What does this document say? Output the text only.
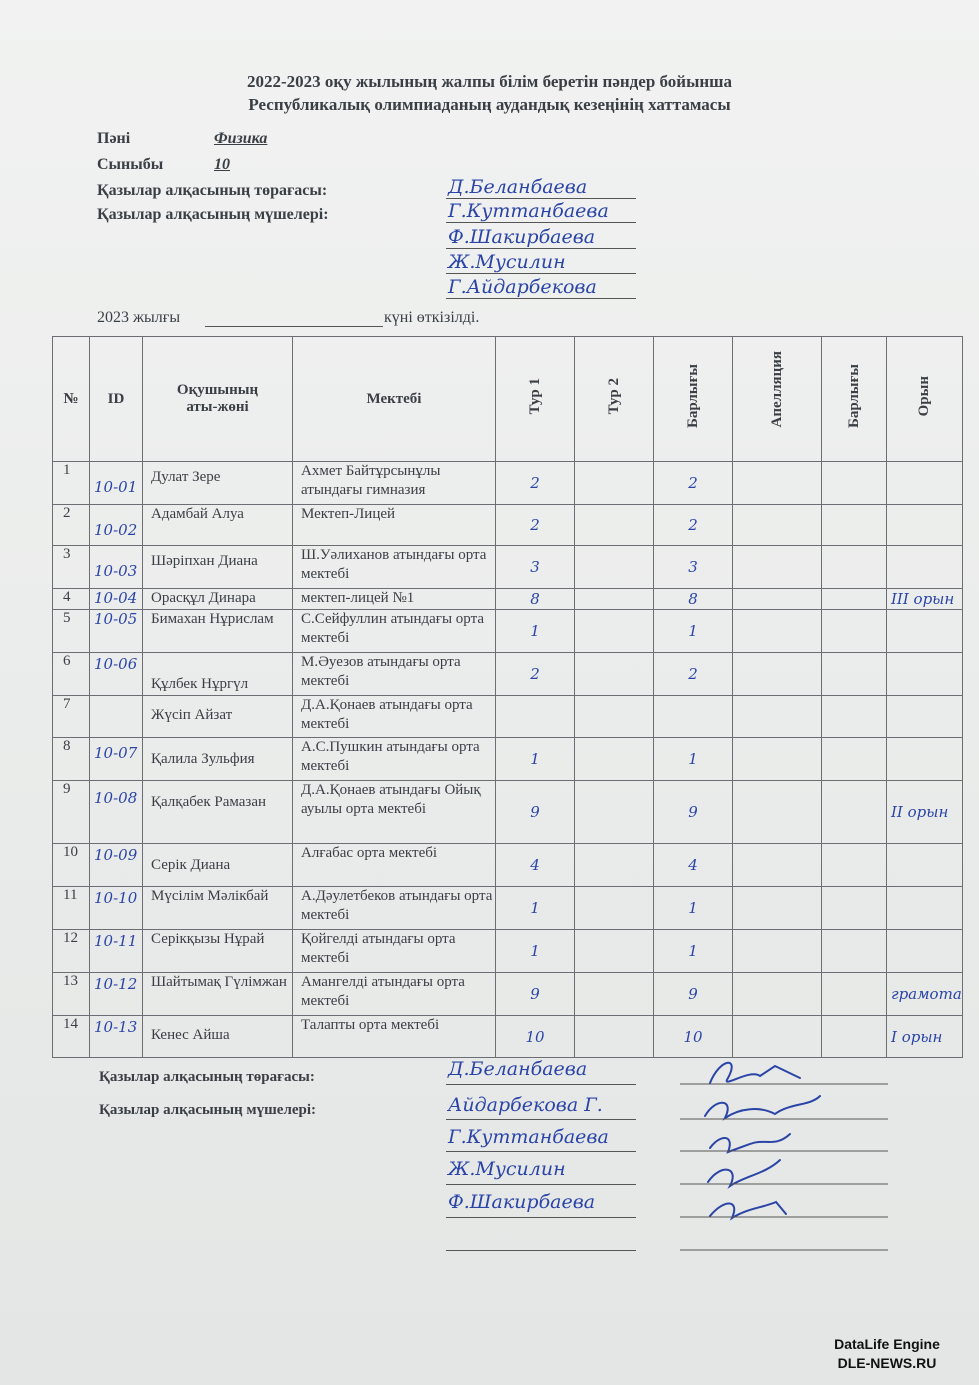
2022-2023 оқу жылының жалпы білім беретін пәндер бойынша
Республикалық олимпиаданың аудандық кезеңінің хаттамасы
Пәні	Физика
Сыныбы	10
Қазылар алқасының төрағасы:
Қазылар алқасының мүшелері:
Д.Беланбаева
Г.Куттанбаева
Ф.Шакирбаева
Ж.Мусилин
Г.Айдарбекова
2023 жылғы	күні өткізілді.
№	ID	Оқушының аты-жөні	Мектебі	Тур 1	Тур 2	Барлығы	Апелляция	Барлығы	Орын
1	10-01	Дулат Зере	Ахмет Байтұрсынұлы атындағы гимназия	2		2			
2	10-02	Адамбай Алуа	Мектеп-Лицей	2		2			
3	10-03	Шәріпхан Диана	Ш.Уәлиханов атындағы орта мектебі	3		3			
4	10-04	Орасқұл Динара	мектеп-лицей №1	8		8			III орын
5	10-05	Бимахан Нұрислам	С.Сейфуллин атындағы орта мектебі	1		1			
6	10-06	Құлбек Нұргүл	М.Әуезов атындағы орта мектебі	2		2			
7		Жүсіп Айзат	Д.А.Қонаев атындағы орта мектебі						
8	10-07	Қалила Зульфия	А.С.Пушкин атындағы орта мектебі	1		1			
9	10-08	Қалқабек Рамазан	Д.А.Қонаев атындағы Ойық ауылы орта мектебі	9		9			II орын
10	10-09	Серік Диана	Алғабас орта мектебі	4		4			
11	10-10	Мүсілім Мәлікбай	А.Дәулетбеков атындағы орта мектебі	1		1			
12	10-11	Серікқызы Нұрай	Қойгелді атындағы орта мектебі	1		1			
13	10-12	Шайтымақ Гүлімжан	Амангелді атындағы орта мектебі	9		9			грамота
14	10-13	Кенес Айша	Талапты орта мектебі	10		10			I орын
Қазылар алқасының төрағасы:
Қазылар алқасының мүшелері:
Д.Беланбаева
Айдарбекова Г.
Г.Куттанбаева
Ж.Мусилин
Ф.Шакирбаева
DataLife Engine
DLE-NEWS.RU
